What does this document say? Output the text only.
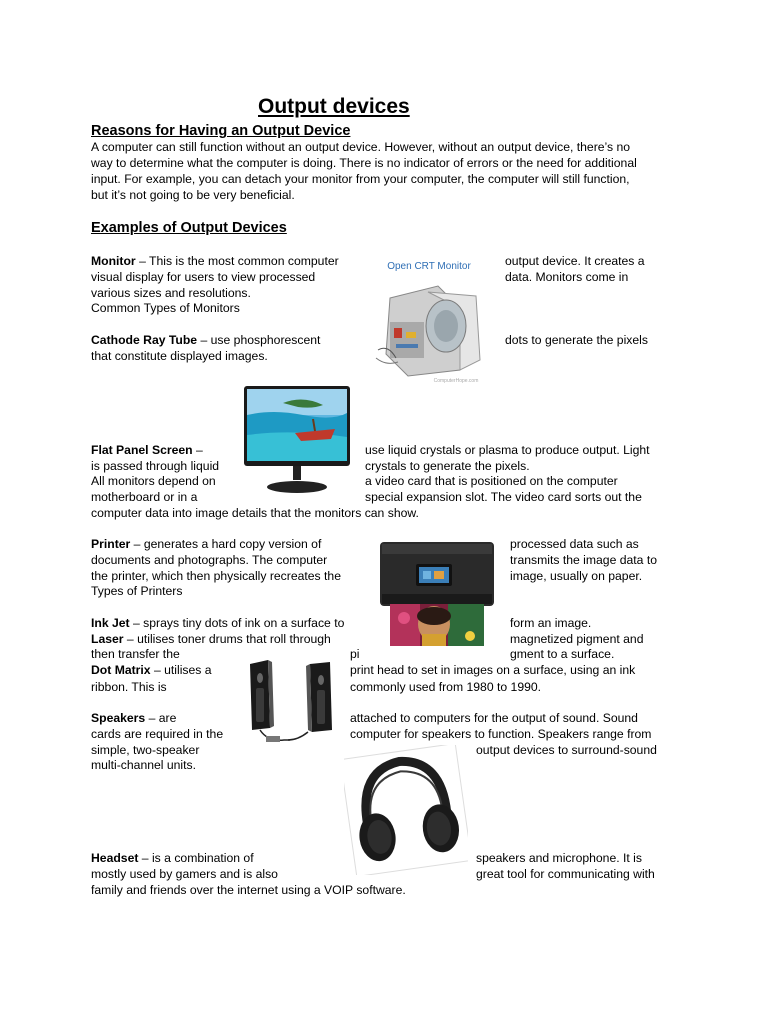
Output devices
Reasons for Having an Output Device

A computer can still function without an output device. However, without an output device, there’s no

way to determine what the computer is doing. There is no indicator of errors or the need for additional

input. For example, you can detach your monitor from your computer, the computer will still function,

but it’s not going to be very beneficial.

Examples of Output Devices

Monitor – This is the most common computer	output device. It creates a

visual display for users to view processed	data. Monitors come in

various sizes and resolutions.

Common Types of Monitors

Open CRT Monitor
ComputerHope.com

Cathode Ray Tube – use phosphorescent	dots to generate the pixels

that constitute displayed images.

Flat Panel Screen –	use liquid crystals or plasma to produce output. Light

is passed through liquid	crystals to generate the pixels.

All monitors depend on	a video card that is positioned on the computer

motherboard or in a	special expansion slot. The video card sorts out the

computer data into image details that the monitors can show.

Printer – generates a hard copy version of	processed data such as

documents and photographs. The computer	transmits the image data to

the printer, which then physically recreates the	image, usually on paper.

Types of Printers

Ink Jet – sprays tiny dots of ink on a surface to	form an image.

Laser – utilises toner drums that roll through	magnetized pigment and

then transfer the	pi	gment to a surface.

Dot Matrix – utilises a	print head to set in images on a surface, using an ink

ribbon. This is	commonly used from 1980 to 1990.

Speakers – are	attached to computers for the output of sound. Sound

cards are required in the	computer for speakers to function. Speakers range from

simple, two-speaker	output devices to surround-sound

multi-channel units.

Headset – is a combination of	speakers and microphone. It is

mostly used by gamers and is also	great tool for communicating with

family and friends over the internet using a VOIP software.
